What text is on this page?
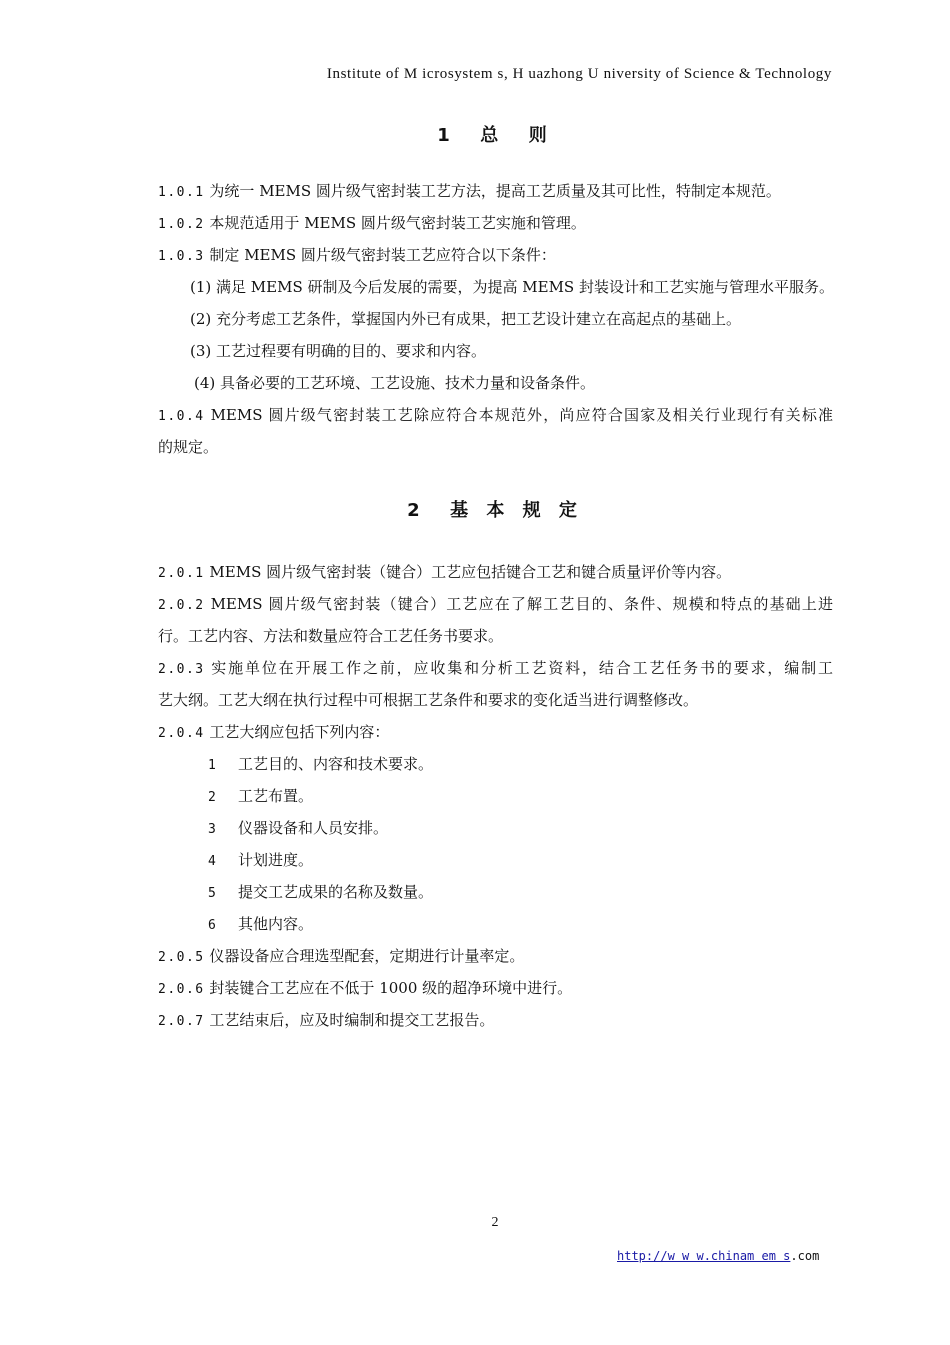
Institute of M icrosystem s, H uazhong U niversity of Science & Technology
1  总  则
1.0.1 为统一 MEMS 圆片级气密封装工艺方法，提高工艺质量及其可比性，特制定本规范。
1.0.2 本规范适用于 MEMS 圆片级气密封装工艺实施和管理。
1.0.3 制定 MEMS 圆片级气密封装工艺应符合以下条件：
(1) 满足 MEMS 研制及今后发展的需要，为提高 MEMS 封装设计和工艺实施与管理水平服务。
(2) 充分考虑工艺条件，掌握国内外已有成果，把工艺设计建立在高起点的基础上。
(3) 工艺过程要有明确的目的、要求和内容。
(4) 具备必要的工艺环境、工艺设施、技术力量和设备条件。
1.0.4 MEMS 圆片级气密封装工艺除应符合本规范外，尚应符合国家及相关行业现行有关标准
的规定。
2  基 本 规 定
2.0.1 MEMS 圆片级气密封装（键合）工艺应包括键合工艺和键合质量评价等内容。
2.0.2 MEMS 圆片级气密封装（键合）工艺应在了解工艺目的、条件、规模和特点的基础上进
行。工艺内容、方法和数量应符合工艺任务书要求。
2.0.3 实施单位在开展工作之前，应收集和分析工艺资料，结合工艺任务书的要求，编制工
艺大纲。工艺大纲在执行过程中可根据工艺条件和要求的变化适当进行调整修改。
2.0.4 工艺大纲应包括下列内容：
1 工艺目的、内容和技术要求。
2 工艺布置。
3 仪器设备和人员安排。
4 计划进度。
5 提交工艺成果的名称及数量。
6 其他内容。
2.0.5 仪器设备应合理选型配套，定期进行计量率定。
2.0.6 封装键合工艺应在不低于 1000 级的超净环境中进行。
2.0.7 工艺结束后，应及时编制和提交工艺报告。
2
http://w w w.chinam em s.com
